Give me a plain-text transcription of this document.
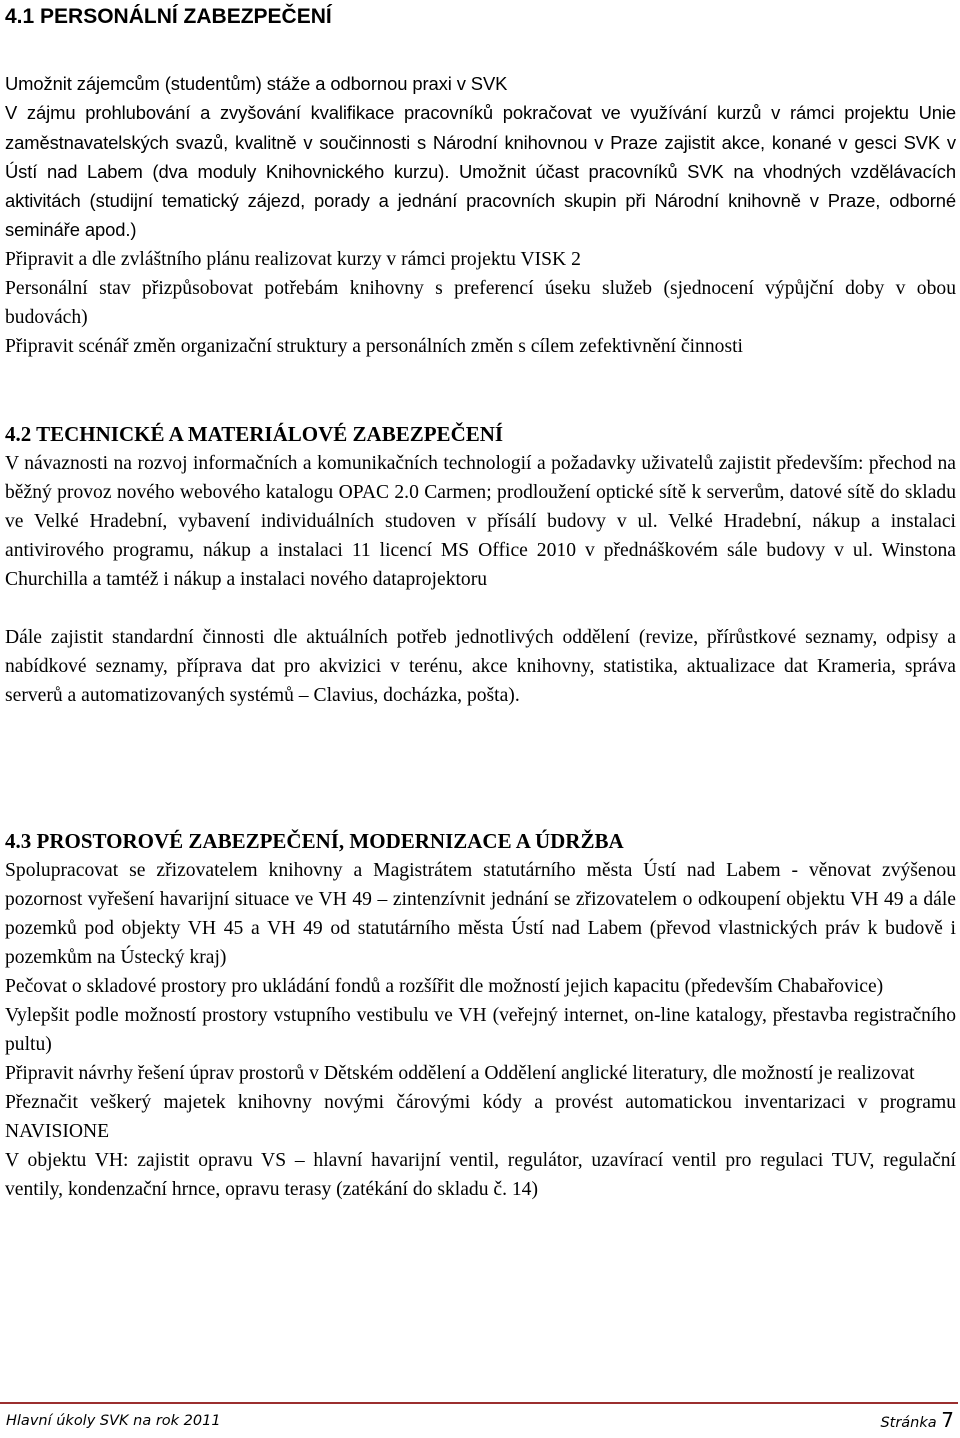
4.1 PERSONÁLNÍ ZABEZPEČENÍ

Umožnit zájemcům (studentům) stáže a odbornou praxi v SVK

V zájmu prohlubování a zvyšování kvalifikace pracovníků pokračovat ve využívání kurzů v rámci projektu Unie zaměstnavatelských svazů, kvalitně v součinnosti s Národní knihovnou v Praze zajistit akce, konané v gesci SVK v Ústí nad Labem (dva moduly Knihovnického kurzu). Umožnit účast pracovníků SVK na vhodných vzdělávacích aktivitách (studijní tematický zájezd, porady a jednání pracovních skupin při Národní knihovně v Praze, odborné semináře apod.)

Připravit a dle zvláštního plánu realizovat kurzy v rámci projektu VISK 2

Personální stav přizpůsobovat potřebám knihovny s preferencí úseku služeb (sjednocení výpůjční doby v obou budovách)

Připravit scénář změn organizační struktury a personálních změn s cílem zefektivnění činnosti

4.2 TECHNICKÉ A MATERIÁLOVÉ ZABEZPEČENÍ

V návaznosti na rozvoj informačních a komunikačních technologií a požadavky uživatelů zajistit především: přechod na běžný provoz nového webového katalogu OPAC 2.0 Carmen; prodloužení optické sítě k serverům, datové sítě do skladu ve Velké Hradební, vybavení individuálních studoven v přísálí budovy v ul. Velké Hradební, nákup a instalaci antivirového programu, nákup a instalaci 11 licencí MS Office 2010 v přednáškovém sále budovy v ul. Winstona Churchilla a tamtéž i nákup a instalaci nového dataprojektoru

Dále zajistit standardní činnosti dle aktuálních potřeb jednotlivých oddělení (revize, přírůstkové seznamy, odpisy a nabídkové seznamy, příprava dat pro akvizici v terénu, akce knihovny, statistika, aktualizace dat Krameria, správa serverů a automatizovaných systémů – Clavius, docházka, pošta).

4.3 PROSTOROVÉ ZABEZPEČENÍ, MODERNIZACE A ÚDRŽBA

Spolupracovat se zřizovatelem knihovny a Magistrátem statutárního města Ústí nad Labem - věnovat zvýšenou pozornost vyřešení havarijní situace ve VH 49 – zintenzívnit jednání se zřizovatelem o odkoupení objektu VH 49 a dále pozemků pod objekty VH 45 a VH 49 od statutárního města Ústí nad Labem (převod vlastnických práv k budově i pozemkům na Ústecký kraj)

Pečovat o skladové prostory pro ukládání fondů a rozšířit dle možností jejich kapacitu (především Chabařovice)

Vylepšit podle možností prostory vstupního vestibulu ve VH (veřejný internet, on-line katalogy, přestavba registračního pultu)

Připravit návrhy řešení úprav prostorů v Dětském oddělení a Oddělení anglické literatury, dle možností je realizovat

Přeznačit veškerý majetek knihovny novými čárovými kódy a provést automatickou inventarizaci v programu NAVISIONE

V objektu VH: zajistit opravu VS – hlavní havarijní ventil, regulátor, uzavírací ventil pro regulaci TUV, regulační ventily, kondenzační hrnce, opravu terasy (zatékání do skladu č. 14)

Hlavní úkoly SVK na rok 2011	Stránka 7
